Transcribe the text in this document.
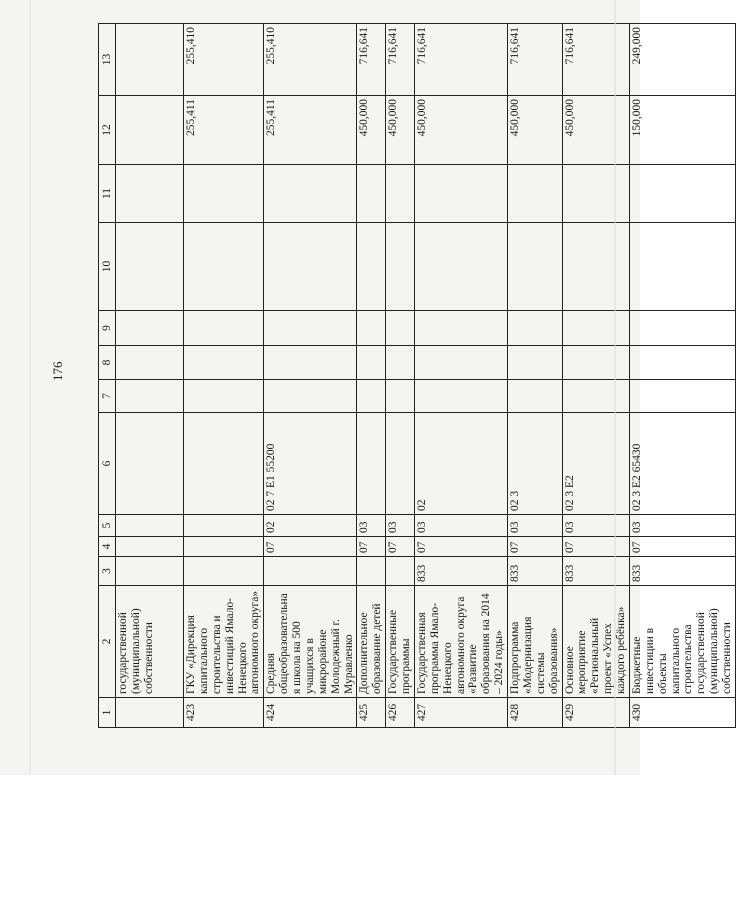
176
1	2	3	4	5	6	7	8	9	10	11	12	13
	государственной (муниципальной) собственности											
423	ГКУ «Дирекция капитального строительства и инвестиций Ямало-Ненецкого автономного округа»										255,411	255,410
424	Средняя общеобразовательная школа на 500 учащихся в микрорайоне Молодежный г. Муравленко		07	02	02 7 E1 55200						255,411	255,410
425	Дополнительное образование детей		07	03							450,000	716,641
426	Государственные программы		07	03							450,000	716,641
427	Государственная программа Ямало-Ненецкого автономного округа «Развитие образования на 2014 – 2024 годы»	833	07	03	02						450,000	716,641
428	Подпрограмма «Модернизация системы образования»	833	07	03	02 3						450,000	716,641
429	Основное мероприятие «Региональный проект «Успех каждого ребёнка»	833	07	03	02 3 E2						450,000	716,641
430	Бюджетные инвестиции в объекты капитального строительства государственной (муниципальной) собственности	833	07	03	02 3 E2 65430						150,000	249,000
